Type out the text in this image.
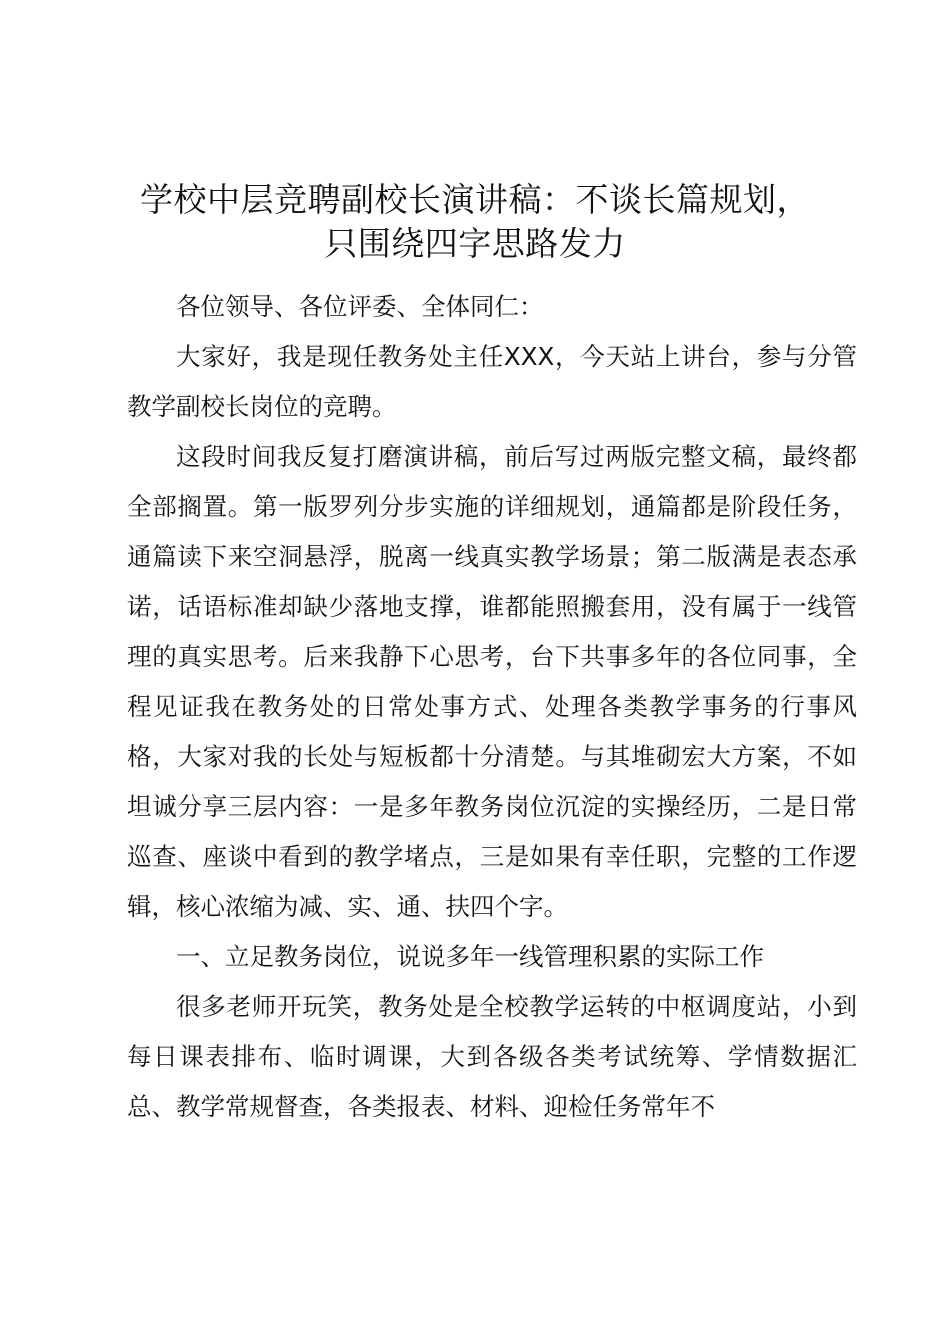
学校中层竞聘副校长演讲稿：不谈长篇规划，
只围绕四字思路发力

各位领导、各位评委、全体同仁：

大家好，我是现任教务处主任XXX，今天站上讲台，参与分管教学副校长岗位的竞聘。

这段时间我反复打磨演讲稿，前后写过两版完整文稿，最终都全部搁置。第一版罗列分步实施的详细规划，通篇都是阶段任务，通篇读下来空洞悬浮，脱离一线真实教学场景；第二版满是表态承诺，话语标准却缺少落地支撑，谁都能照搬套用，没有属于一线管理的真实思考。后来我静下心思考，台下共事多年的各位同事，全程见证我在教务处的日常处事方式、处理各类教学事务的行事风格，大家对我的长处与短板都十分清楚。与其堆砌宏大方案，不如坦诚分享三层内容：一是多年教务岗位沉淀的实操经历，二是日常巡查、座谈中看到的教学堵点，三是如果有幸任职，完整的工作逻辑，核心浓缩为减、实、通、扶四个字。

一、立足教务岗位，说说多年一线管理积累的实际工作

很多老师开玩笑，教务处是全校教学运转的中枢调度站，小到每日课表排布、临时调课，大到各级各类考试统筹、学情数据汇总、教学常规督查，各类报表、材料、迎检任务常年不
